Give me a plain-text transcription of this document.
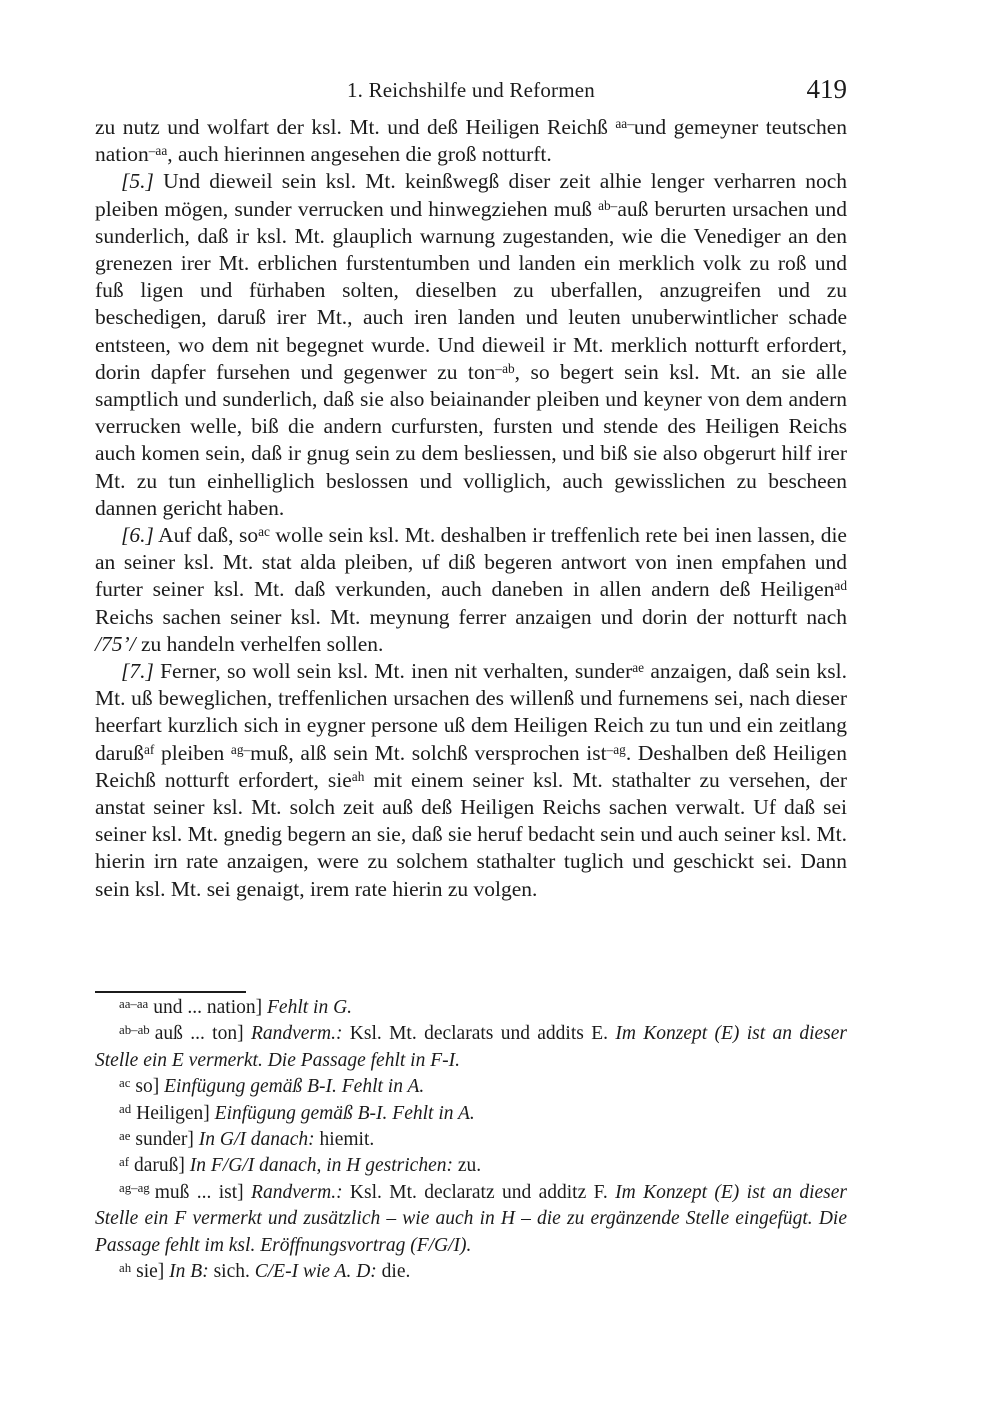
1. Reichshilfe und Reformen	419

zu nutz und wolfart der ksl. Mt. und deß Heiligen Reichß $^{aa-}$und gemeyner teutschen nation$^{-aa}$, auch hierinnen angesehen die groß notturft.

[5.] Und dieweil sein ksl. Mt. keinßwegß diser zeit alhie lenger verharren noch pleiben mögen, sunder verrucken und hinwegziehen muß $^{ab-}$auß berurten ursachen und sunderlich, daß ir ksl. Mt. glauplich warnung zugestanden, wie die Venediger an den grenezen irer Mt. erblichen furstentumben und landen ein merklich volk zu roß und fuß ligen und fürhaben solten, dieselben zu uberfallen, anzugreifen und zu beschedigen, daruß irer Mt., auch iren landen und leuten unuberwintlicher schade entsteen, wo dem nit begegnet wurde. Und dieweil ir Mt. merklich notturft erfordert, dorin dapfer fursehen und gegenwer zu ton$^{-ab}$, so begert sein ksl. Mt. an sie alle samptlich und sunderlich, daß sie also beiainander pleiben und keyner von dem andern verrucken welle, biß die andern curfursten, fursten und stende des Heiligen Reichs auch komen sein, daß ir gnug sein zu dem besliessen, und biß sie also obgerurt hilf irer Mt. zu tun einhelliglich beslossen und volliglich, auch gewisslichen zu bescheen dannen gericht haben.

[6.] Auf daß, $so^{ac}$ wolle sein ksl. Mt. deshalben ir treffenlich rete bei inen lassen, die an seiner ksl. Mt. stat alda pleiben, uf diß begeren antwort von inen empfahen und furter seiner ksl. Mt. daß verkunden, auch daneben in allen andern deß Heiligen$^{ad}$ Reichs sachen seiner ksl. Mt. meynung ferrer anzaigen und dorin der notturft nach /75’/ zu handeln verhelfen sollen.

[7.] Ferner, so woll sein ksl. Mt. inen nit verhalten, sunder$^{ae}$ anzaigen, daß sein ksl. Mt. uß beweglichen, treffenlichen ursachen des willenß und furnemens sei, nach dieser heerfart kurzlich sich in eygner persone uß dem Heiligen Reich zu tun und ein zeitlang daruß$^{af}$ pleiben $^{ag-}$muß, alß sein Mt. solchß versprochen ist$^{-ag}$. Deshalben deß Heiligen Reichß notturft erfordert, sie$^{ah}$ mit einem seiner ksl. Mt. stathalter zu versehen, der anstat seiner ksl. Mt. solch zeit auß deß Heiligen Reichs sachen verwalt. Uf daß sei seiner ksl. Mt. gnedig begern an sie, daß sie heruf bedacht sein und auch seiner ksl. Mt. hierin irn rate anzaigen, were zu solchem stathalter tuglich und geschickt sei. Dann sein ksl. Mt. sei genaigt, irem rate hierin zu volgen.

$^{aa-aa}$ und ... nation] Fehlt in G.

$^{ab-ab}$ auß ... ton] Randverm.: Ksl. Mt. declarats und addits E. Im Konzept (E) ist an dieser Stelle ein E vermerkt. Die Passage fehlt in F-I.

$^{ac}$ so] Einfügung gemäß B-I. Fehlt in A.

$^{ad}$ Heiligen] Einfügung gemäß B-I. Fehlt in A.

$^{ae}$ sunder] In G/I danach: hiemit.

$^{af}$ daruß] In F/G/I danach, in H gestrichen: zu.

$^{ag-ag}$ muß ... ist] Randverm.: Ksl. Mt. declaratz und additz F. Im Konzept (E) ist an dieser Stelle ein F vermerkt und zusätzlich – wie auch in H – die zu ergänzende Stelle eingefügt. Die Passage fehlt im ksl. Eröffnungsvortrag (F/G/I).

$^{ah}$ sie] In B: sich. C/E-I wie A. D: die.
